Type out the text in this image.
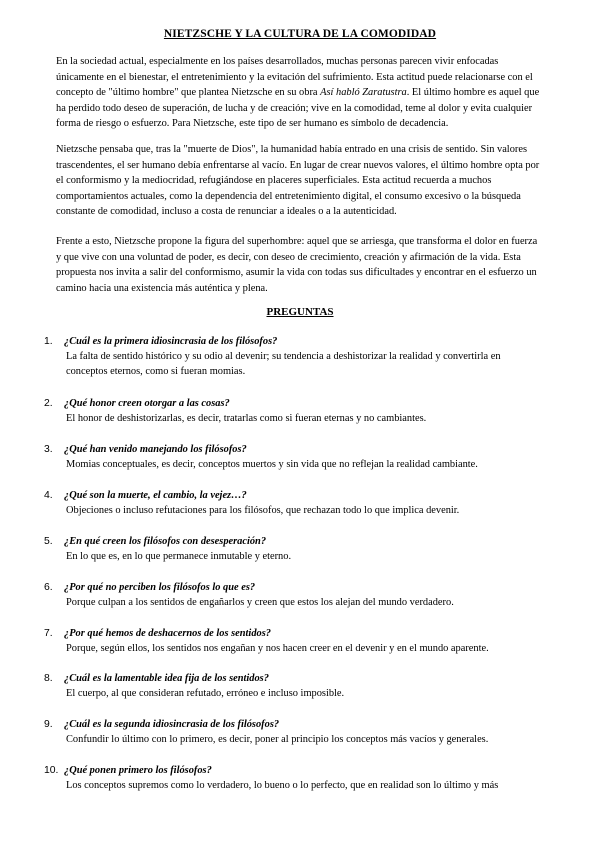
NIETZSCHE Y LA CULTURA DE LA COMODIDAD

En la sociedad actual, especialmente en los países desarrollados, muchas personas parecen vivir enfocadas únicamente en el bienestar, el entretenimiento y la evitación del sufrimiento. Esta actitud puede relacionarse con el concepto de "último hombre" que plantea Nietzsche en su obra Así habló Zaratustra. El último hombre es aquel que ha perdido todo deseo de superación, de lucha y de creación; vive en la comodidad, teme al dolor y evita cualquier forma de riesgo o esfuerzo. Para Nietzsche, este tipo de ser humano es símbolo de decadencia.

Nietzsche pensaba que, tras la "muerte de Dios", la humanidad había entrado en una crisis de sentido. Sin valores trascendentes, el ser humano debía enfrentarse al vacío. En lugar de crear nuevos valores, el último hombre opta por el conformismo y la mediocridad, refugiándose en placeres superficiales. Esta actitud recuerda a muchos comportamientos actuales, como la dependencia del entretenimiento digital, el consumo excesivo o la búsqueda constante de comodidad, incluso a costa de renunciar a ideales o a la autenticidad.

Frente a esto, Nietzsche propone la figura del superhombre: aquel que se arriesga, que transforma el dolor en fuerza y que vive con una voluntad de poder, es decir, con deseo de crecimiento, creación y afirmación de la vida. Esta propuesta nos invita a salir del conformismo, asumir la vida con todas sus dificultades y encontrar en el esfuerzo un camino hacia una existencia más auténtica y plena.

PREGUNTAS
1.	¿Cuál es la primera idiosincrasia de los filósofos?
La falta de sentido histórico y su odio al devenir; su tendencia a deshistorizar la realidad y convertirla en conceptos eternos, como si fueran momias.
2.	¿Qué honor creen otorgar a las cosas?
El honor de deshistorizarlas, es decir, tratarlas como si fueran eternas y no cambiantes.
3.	¿Qué han venido manejando los filósofos?
Momias conceptuales, es decir, conceptos muertos y sin vida que no reflejan la realidad cambiante.
4.	¿Qué son la muerte, el cambio, la vejez…?
Objeciones o incluso refutaciones para los filósofos, que rechazan todo lo que implica devenir.
5.	¿En qué creen los filósofos con desesperación?
En lo que es, en lo que permanece inmutable y eterno.
6.	¿Por qué no perciben los filósofos lo que es?
Porque culpan a los sentidos de engañarlos y creen que estos los alejan del mundo verdadero.
7.	¿Por qué hemos de deshacernos de los sentidos?
Porque, según ellos, los sentidos nos engañan y nos hacen creer en el devenir y en el mundo aparente.
8.	¿Cuál es la lamentable idea fija de los sentidos?
El cuerpo, al que consideran refutado, erróneo e incluso imposible.
9.	¿Cuál es la segunda idiosincrasia de los filósofos?
Confundir lo último con lo primero, es decir, poner al principio los conceptos más vacíos y generales.
10. ¿Qué ponen primero los filósofos?
Los conceptos supremos como lo verdadero, lo bueno o lo perfecto, que en realidad son lo último y más
